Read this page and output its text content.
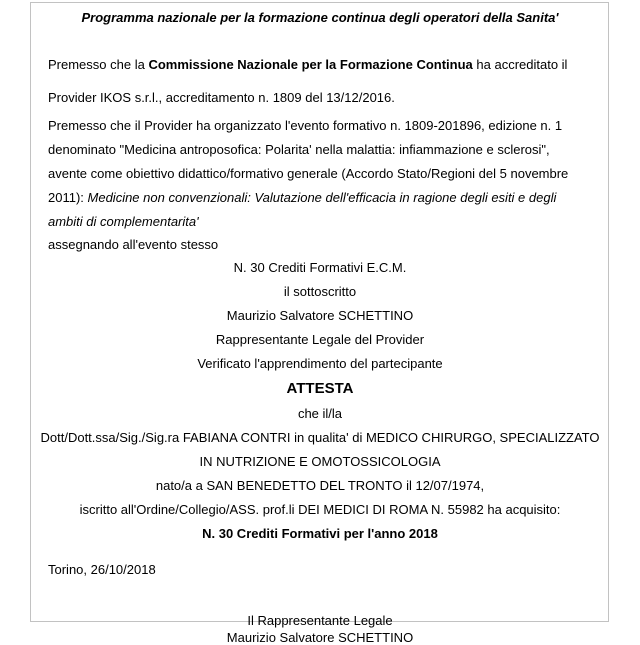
Programma nazionale per la formazione continua degli operatori della Sanita'

Premesso che la Commissione Nazionale per la Formazione Continua ha accreditato il Provider IKOS s.r.l., accreditamento n. 1809 del 13/12/2016.

Premesso che il Provider ha organizzato l'evento formativo n. 1809-201896, edizione n. 1 denominato "Medicina antroposofica: Polarita' nella malattia: infiammazione e sclerosi", avente come obiettivo didattico/formativo generale (Accordo Stato/Regioni del 5 novembre 2011): Medicine non convenzionali: Valutazione dell'efficacia in ragione degli esiti e degli ambiti di complementarita'

assegnando all'evento stesso

N. 30 Crediti Formativi E.C.M.
il sottoscritto
Maurizio Salvatore SCHETTINO
Rappresentante Legale del Provider
Verificato l'apprendimento del partecipante
ATTESTA
che il/la
Dott/Dott.ssa/Sig./Sig.ra FABIANA CONTRI in qualita' di MEDICO CHIRURGO, SPECIALIZZATO IN NUTRIZIONE E OMOTOSSICOLOGIA
nato/a a SAN BENEDETTO DEL TRONTO il 12/07/1974,
iscritto all'Ordine/Collegio/ASS. prof.li DEI MEDICI DI ROMA N. 55982 ha acquisito:
N. 30 Crediti Formativi per l'anno 2018
Torino, 26/10/2018
Il Rappresentante Legale
Maurizio Salvatore SCHETTINO
